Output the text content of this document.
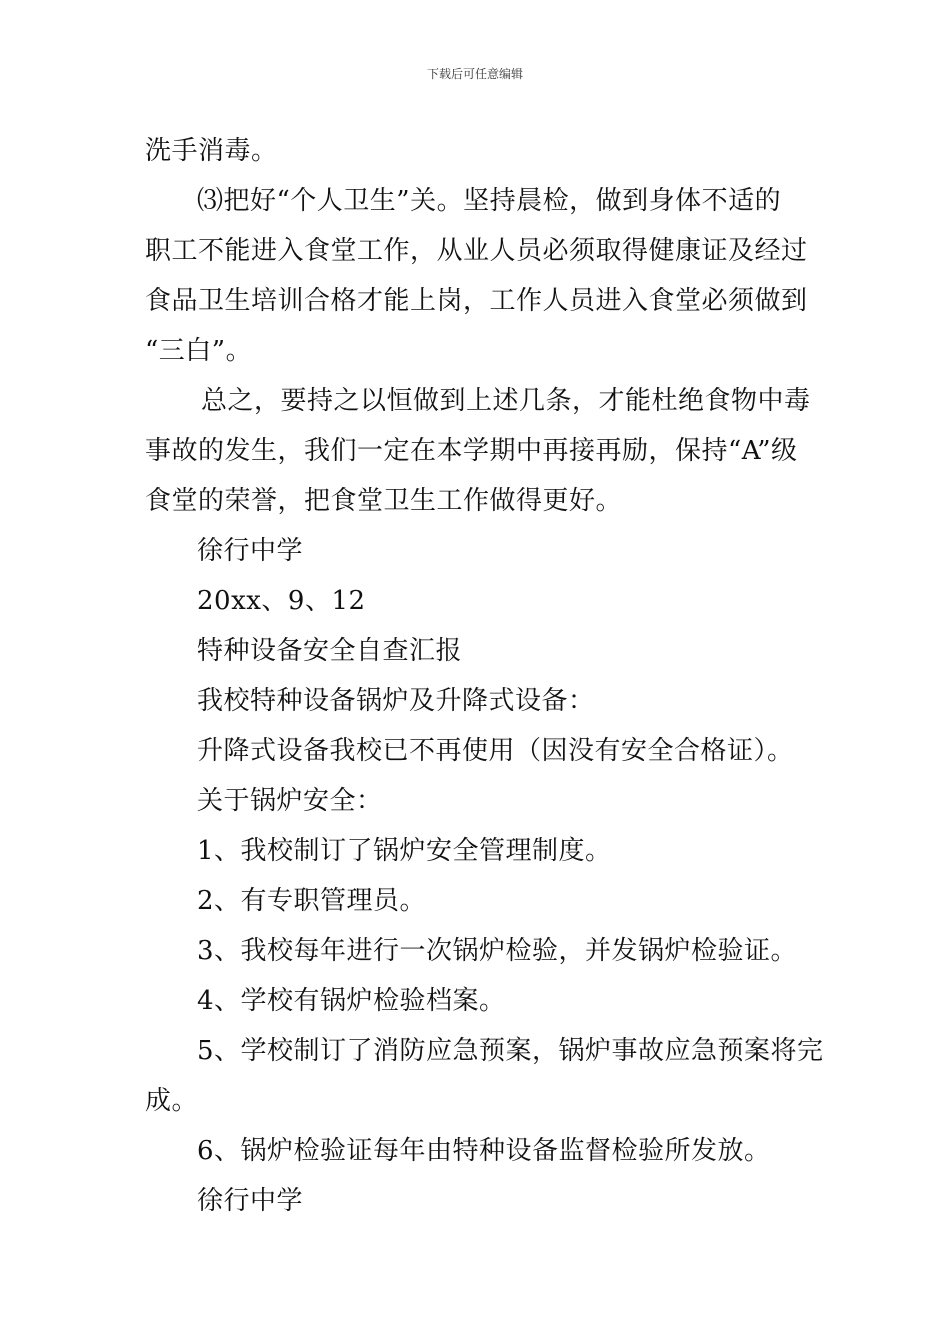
下载后可任意编辑
洗手消毒。
⑶把好“个人卫生”关。坚持晨检，做到身体不适的
职工不能进入食堂工作，从业人员必须取得健康证及经过
食品卫生培训合格才能上岗，工作人员进入食堂必须做到
“三白”。
总之，要持之以恒做到上述几条，才能杜绝食物中毒
事故的发生，我们一定在本学期中再接再励，保持“A”级
食堂的荣誉，把食堂卫生工作做得更好。
徐行中学
20xx、9、12
特种设备安全自查汇报
我校特种设备锅炉及升降式设备：
升降式设备我校已不再使用（因没有安全合格证）。
关于锅炉安全：
1、我校制订了锅炉安全管理制度。
2、有专职管理员。
3、我校每年进行一次锅炉检验，并发锅炉检验证。
4、学校有锅炉检验档案。
5、学校制订了消防应急预案，锅炉事故应急预案将完
成。
6、锅炉检验证每年由特种设备监督检验所发放。
徐行中学
